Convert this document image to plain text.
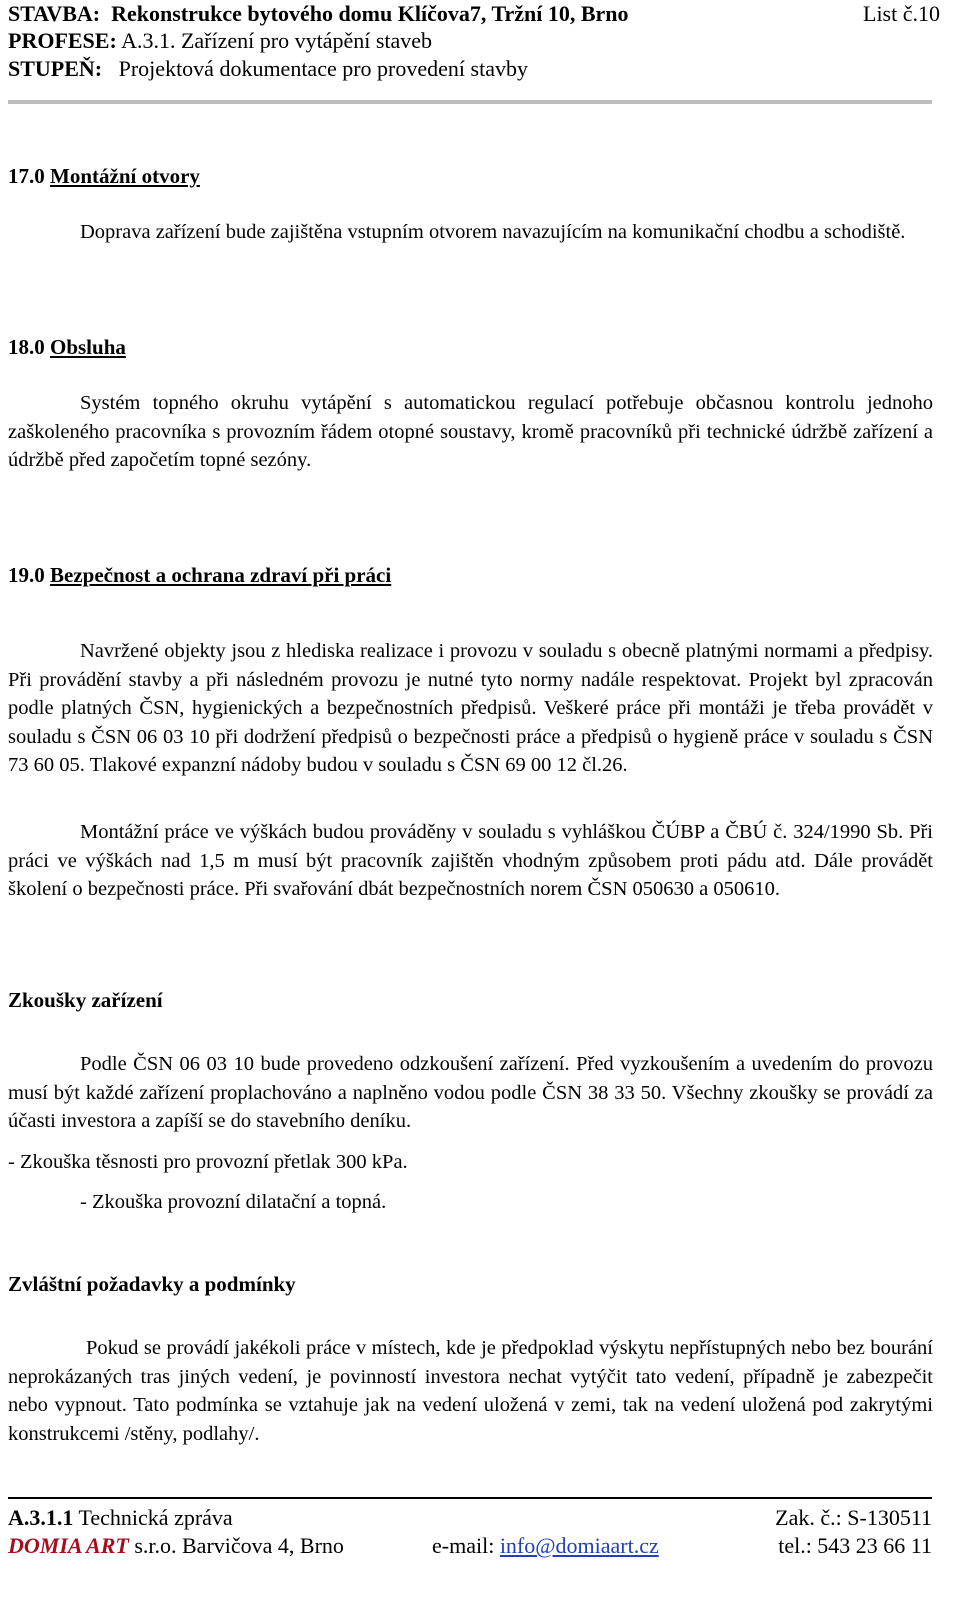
STAVBA: Rekonstrukce bytového domu Klíčova7, Tržní 10, Brno	List č.10
PROFESE: A.3.1. Zařízení pro vytápění staveb
STUPEŇ: Projektová dokumentace pro provedení stavby
17.0 Montážní otvory
Doprava zařízení bude zajištěna vstupním otvorem navazujícím na komunikační chodbu a schodiště.
18.0 Obsluha
Systém topného okruhu vytápění s automatickou regulací potřebuje občasnou kontrolu jednoho zaškoleného pracovníka s provozním řádem otopné soustavy, kromě pracovníků při technické údržbě zařízení a údržbě před započetím topné sezóny.
19.0 Bezpečnost a ochrana zdraví při práci
Navržené objekty jsou z hlediska realizace i provozu v souladu s obecně platnými normami a předpisy. Při provádění stavby a při následném provozu je nutné tyto normy nadále respektovat. Projekt byl zpracován podle platných ČSN, hygienických a bezpečnostních předpisů. Veškeré práce při montáži je třeba provádět v souladu s ČSN 06 03 10 při dodržení předpisů o bezpečnosti práce a předpisů o hygieně práce v souladu s ČSN 73 60 05. Tlakové expanzní nádoby budou v souladu s ČSN 69 00 12 čl.26.
Montážní práce ve výškách budou prováděny v souladu s vyhláškou ČÚBP a ČBÚ č. 324/1990 Sb. Při práci ve výškách nad 1,5 m musí být pracovník zajištěn vhodným způsobem proti pádu atd. Dále provádět školení o bezpečnosti práce. Při svařování dbát bezpečnostních norem ČSN 050630 a 050610.
Zkoušky zařízení
Podle ČSN 06 03 10 bude provedeno odzkoušení zařízení. Před vyzkoušením a uvedením do provozu musí být každé zařízení proplachováno a naplněno vodou podle ČSN 38 33 50. Všechny zkoušky se provádí za účasti investora a zapíší se do stavebního deníku.
- Zkouška těsnosti pro provozní přetlak 300 kPa.
- Zkouška provozní dilatační a topná.
Zvláštní požadavky a podmínky
Pokud se provádí jakékoli práce v místech, kde je předpoklad výskytu nepřístupných nebo bez bourání neprokázaných tras jiných vedení, je povinností investora nechat vytýčit tato vedení, případně je zabezpečit nebo vypnout. Tato podmínka se vztahuje jak na vedení uložená v zemi, tak na vedení uložená pod zakrytými konstrukcemi /stěny, podlahy/.
A.3.1.1 Technická zpráva	Zak. č.: S-130511
DOMIA ART s.r.o. Barvičova 4, Brno	e-mail: info@domiaart.cz	tel.: 543 23 66 11
